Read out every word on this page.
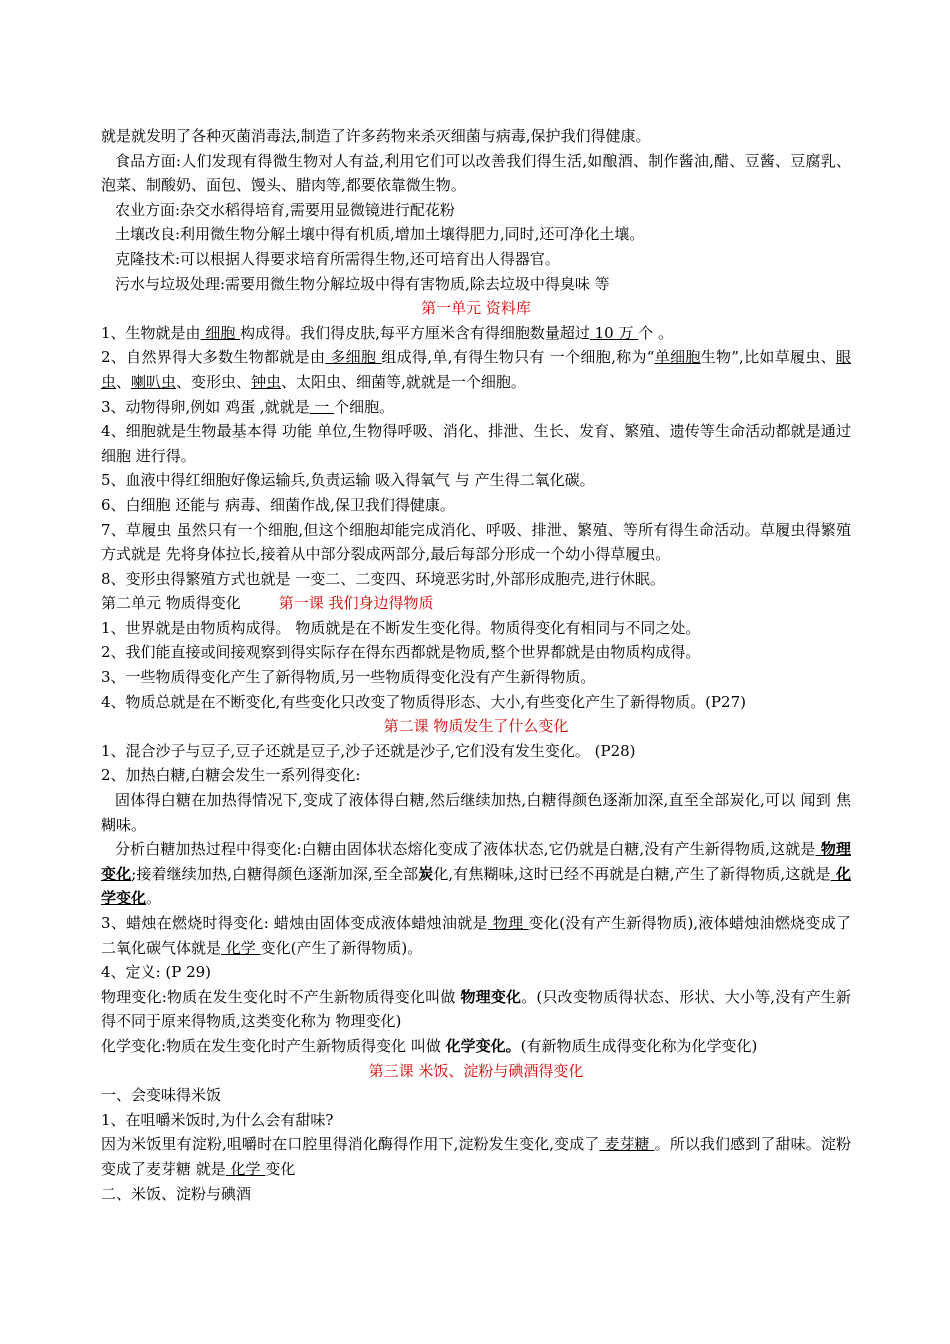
就是就发明了各种灭菌消毒法,制造了许多药物来杀灭细菌与病毒,保护我们得健康。

食品方面:人们发现有得微生物对人有益,利用它们可以改善我们得生活,如酿酒、制作酱油,醋、豆酱、豆腐乳、泡菜、制酸奶、面包、馒头、腊肉等,都要依靠微生物。

农业方面:杂交水稻得培育,需要用显微镜进行配花粉

土壤改良:利用微生物分解土壤中得有机质,增加土壤得肥力,同时,还可净化土壤。

克隆技术:可以根据人得要求培育所需得生物,还可培育出人得器官。

污水与垃圾处理:需要用微生物分解垃圾中得有害物质,除去垃圾中得臭味 等

第一单元 资料库

1、生物就是由 细胞 构成得。我们得皮肤,每平方厘米含有得细胞数量超过 10 万 个 。

2、自然界得大多数生物都就是由 多细胞 组成得,单,有得生物只有 一个细胞,称为“单细胞生物”,比如草履虫、眼虫、喇叭虫、变形虫、钟虫、太阳虫、细菌等,就就是一个细胞。

3、动物得卵,例如 鸡蛋 ,就就是 一 个细胞。

4、细胞就是生物最基本得 功能 单位,生物得呼吸、消化、排泄、生长、发育、繁殖、遗传等生命活动都就是通过 细胞 进行得。

5、血液中得红细胞好像运输兵,负责运输 吸入得氧气 与 产生得二氧化碳。

6、白细胞 还能与 病毒、细菌作战,保卫我们得健康。

7、草履虫 虽然只有一个细胞,但这个细胞却能完成消化、呼吸、排泄、繁殖、等所有得生命活动。草履虫得繁殖方式就是 先将身体拉长,接着从中部分裂成两部分,最后每部分形成一个幼小得草履虫。

8、变形虫得繁殖方式也就是 一变二、二变四、环境恶劣时,外部形成胞壳,进行休眠。

第二单元 物质得变化	第一课 我们身边得物质

1、世界就是由物质构成得。 物质就是在不断发生变化得。物质得变化有相同与不同之处。

2、我们能直接或间接观察到得实际存在得东西都就是物质,整个世界都就是由物质构成得。

3、一些物质得变化产生了新得物质,另一些物质得变化没有产生新得物质。

4、物质总就是在不断变化,有些变化只改变了物质得形态、大小,有些变化产生了新得物质。(P27)

第二课 物质发生了什么变化

1、混合沙子与豆子,豆子还就是豆子,沙子还就是沙子,它们没有发生变化。 (P28)

2、加热白糖,白糖会发生一系列得变化:

固体得白糖在加热得情况下,变成了液体得白糖,然后继续加热,白糖得颜色逐渐加深,直至全部炭化,可以 闻到 焦糊味。

分析白糖加热过程中得变化:白糖由固体状态熔化变成了液体状态,它仍就是白糖,没有产生新得物质,这就是 物理变化;接着继续加热,白糖得颜色逐渐加深,至全部炭化,有焦糊味,这时已经不再就是白糖,产生了新得物质,这就是 化学变化。

3、蜡烛在燃烧时得变化: 蜡烛由固体变成液体蜡烛油就是 物理 变化(没有产生新得物质),液体蜡烛油燃烧变成了二氧化碳气体就是 化学 变化(产生了新得物质)。

4、定义: (P 29)

物理变化:物质在发生变化时不产生新物质得变化叫做 物理变化。(只改变物质得状态、形状、大小等,没有产生新得不同于原来得物质,这类变化称为 物理变化)

化学变化:物质在发生变化时产生新物质得变化 叫做 化学变化。(有新物质生成得变化称为化学变化)

第三课 米饭、淀粉与碘酒得变化

一、会变味得米饭

1、在咀嚼米饭时,为什么会有甜味?

因为米饭里有淀粉,咀嚼时在口腔里得消化酶得作用下,淀粉发生变化,变成了 麦芽糖 。所以我们感到了甜味。淀粉变成了麦芽糖 就是 化学 变化

二、米饭、淀粉与碘酒
